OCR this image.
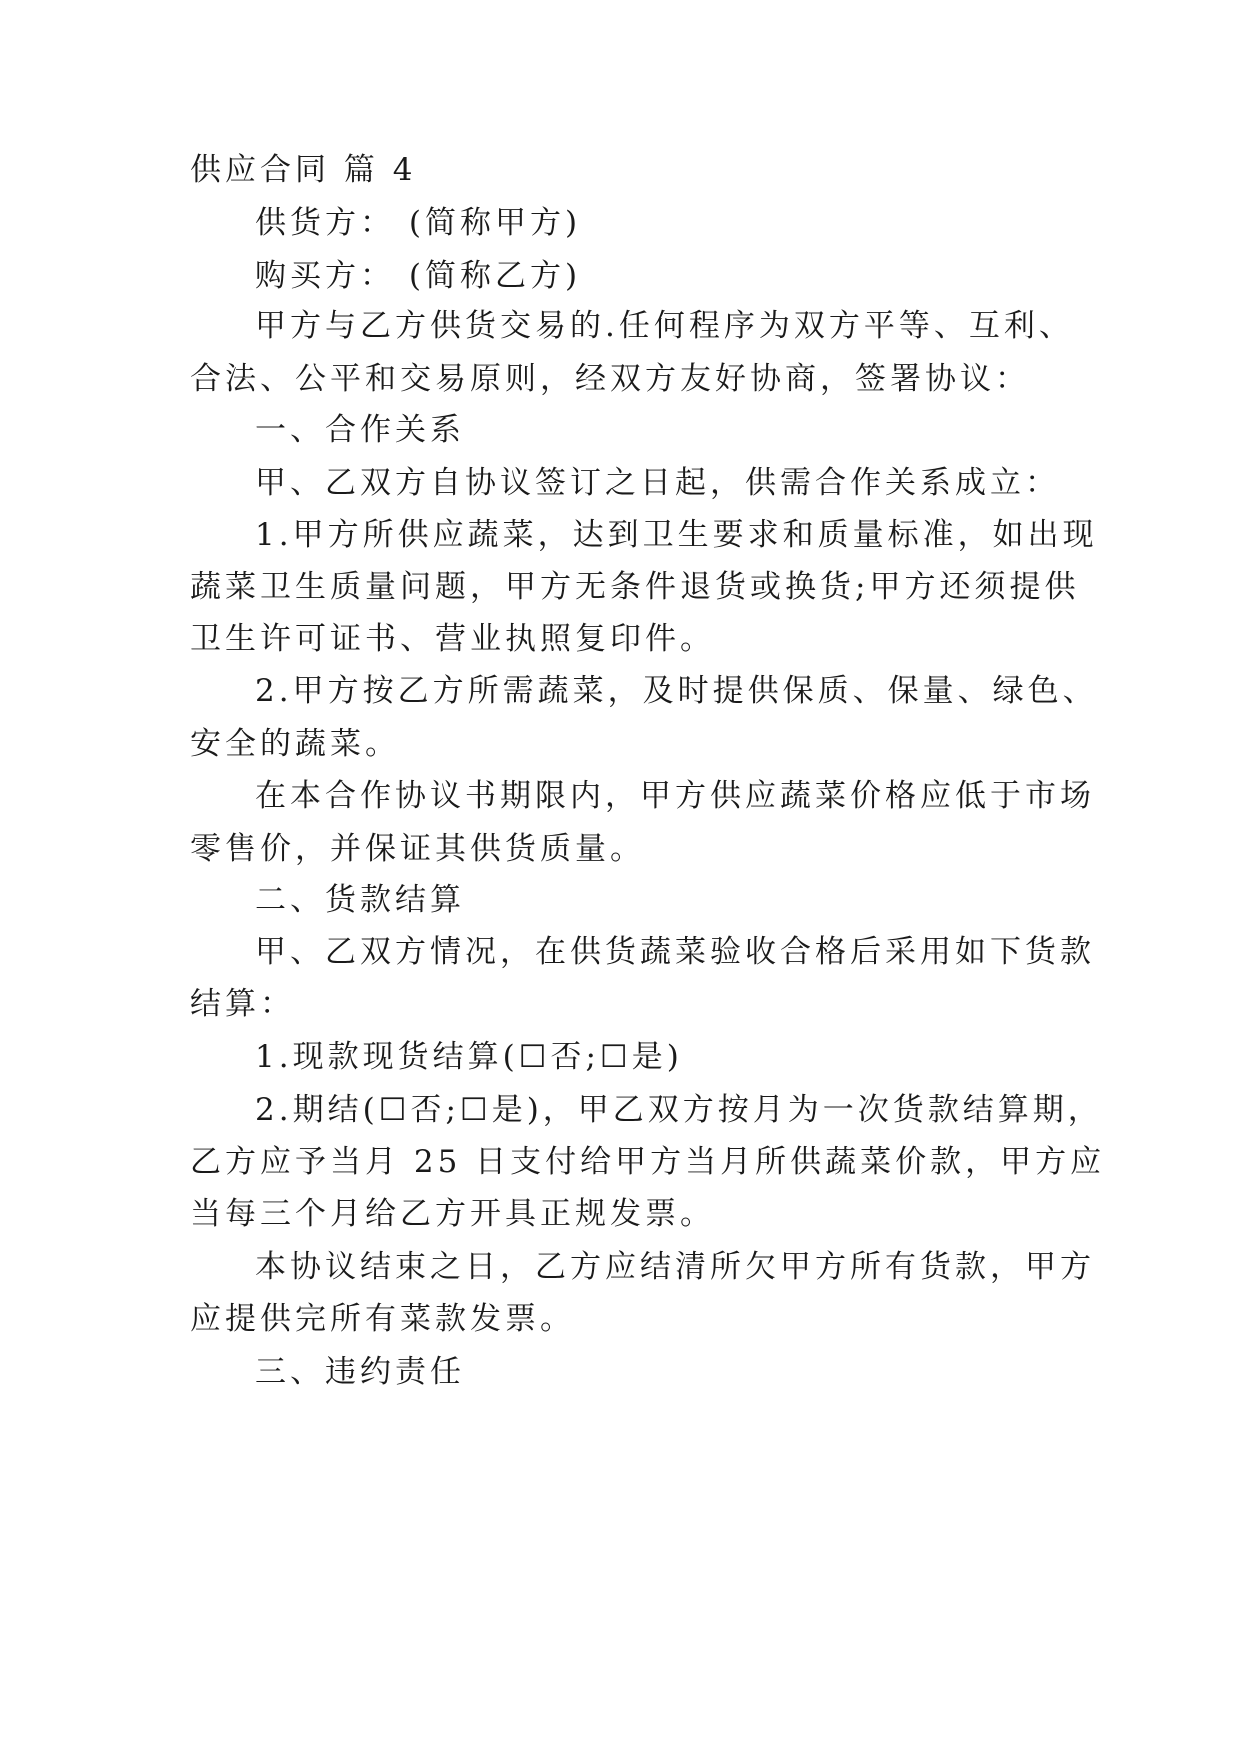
供应合同 篇 4
供货方： (简称甲方)
购买方： (简称乙方)
甲方与乙方供货交易的.任何程序为双方平等、互利、
合法、公平和交易原则，经双方友好协商，签署协议：
一、合作关系
甲、乙双方自协议签订之日起，供需合作关系成立：
1.甲方所供应蔬菜，达到卫生要求和质量标准，如出现
蔬菜卫生质量问题，甲方无条件退货或换货;甲方还须提供
卫生许可证书、营业执照复印件。
2.甲方按乙方所需蔬菜，及时提供保质、保量、绿色、
安全的蔬菜。
在本合作协议书期限内，甲方供应蔬菜价格应低于市场
零售价，并保证其供货质量。
二、货款结算
甲、乙双方情况，在供货蔬菜验收合格后采用如下货款
结算：
1.现款现货结算(☐否;☐是)
2.期结(☐否;☐是)，甲乙双方按月为一次货款结算期，
乙方应予当月 25 日支付给甲方当月所供蔬菜价款，甲方应
当每三个月给乙方开具正规发票。
本协议结束之日，乙方应结清所欠甲方所有货款，甲方
应提供完所有菜款发票。
三、违约责任
